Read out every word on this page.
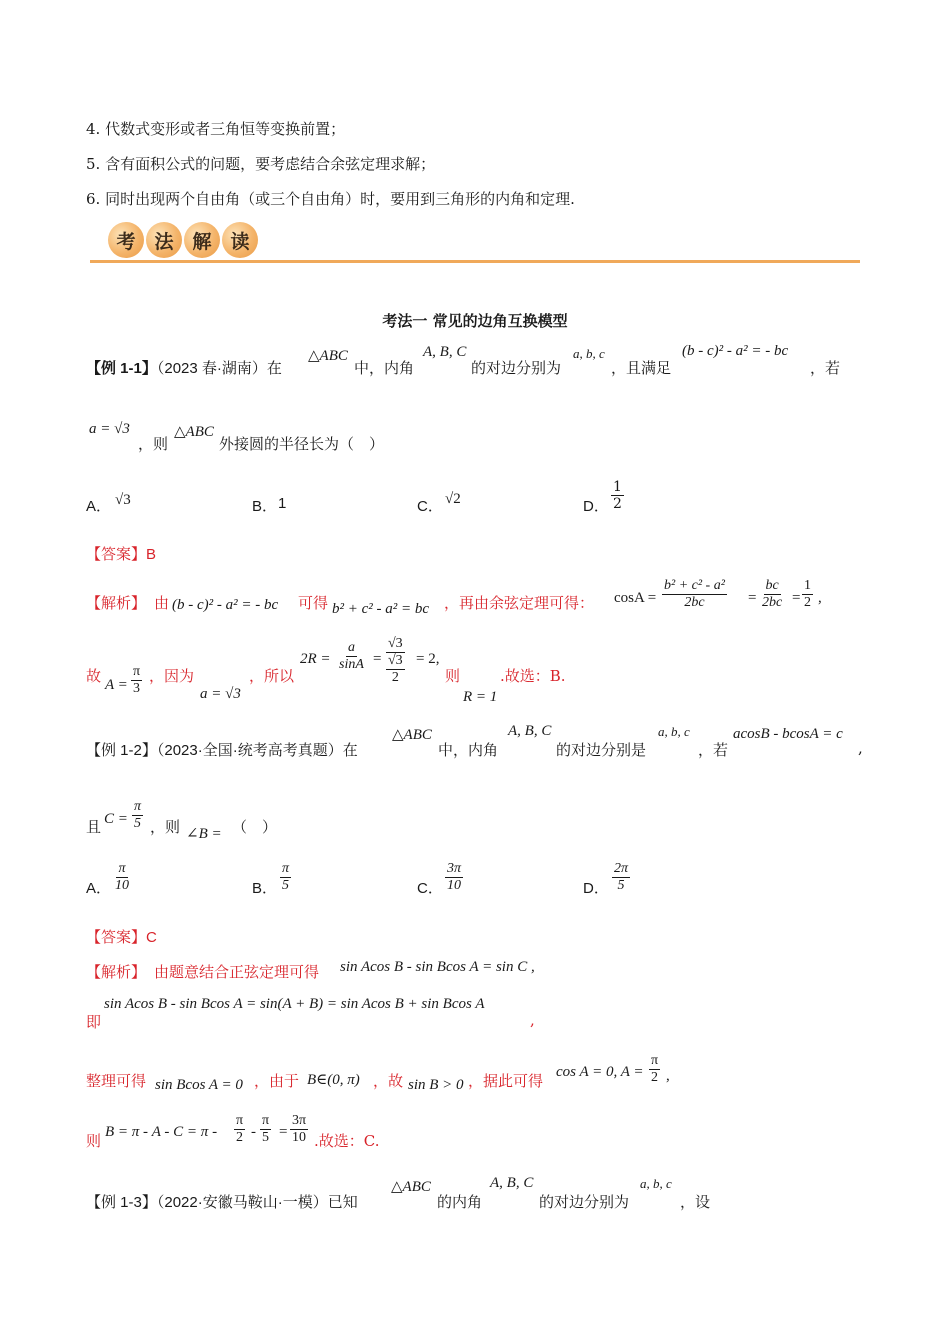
4. 代数式变形或者三角恒等变换前置；
5. 含有面积公式的问题，要考虑结合余弦定理求解；
6. 同时出现两个自由角（或三个自由角）时，要用到三角形的内角和定理.
考 法 解 读
考法一 常见的边角互换模型
【例 1-1】（2023 春·湖南）在
△ABC
中，内角
A, B, C
的对边分别为
a, b, c
，且满足
(b - c)² - a² = - bc
，若
a = √3
，则
△ABC
外接圆的半径长为（　）
A． √3	B． 1	C． √2	D． $\frac{1}{2}$
【答案】B
【解析】 由 (b - c)² - a² = - bc 可得 b² + c² - a² = bc ，再由余弦定理可得： $\cos A = \frac{\text{b² + c² - a²}}{2bc} = \frac{bc}{2bc} = \frac{1}{2}$ ,
故 $A = \frac{\pi}{3}$ ，因为
a = √3
，所以
$2R = \frac{a}{\sin A} = \frac{√3}{\frac{√3}{2}} = 2$,
则
R = 1
.故选：B.
【例 1-2】（2023·全国·统考高考真题）在
△ABC
中，内角
A, B, C
的对边分别是
a, b, c
，若
acosB - bcosA = c
,
且 $C = \frac{\pi}{5}$ ，则 ∠B = （　）
A． $\frac{\pi}{10}$	B． $\frac{\pi}{5}$	C． $\frac{3\pi}{10}$	D． $\frac{2\pi}{5}$
【答案】C
【解析】 由题意结合正弦定理可得 sin Acos B - sin Bcos A = sin C ,
即
sin Acos B - sin Bcos A = sin(A + B) = sin Acos B + sin Bcos A
,
整理可得 sin Bcos A = 0 ，由于 B∈(0, π) ，故 sin B > 0 ，据此可得 cos A = 0, $A = \frac{\pi}{2}$ ,
则 $B = \pi - A - C = \pi - \frac{\pi}{2} - \frac{\pi}{5} = \frac{3\pi}{10}$ .故选：C.
【例 1-3】（2022·安徽马鞍山·一模）已知
△ABC
的内角
A, B, C
的对边分别为
a, b, c
，设
